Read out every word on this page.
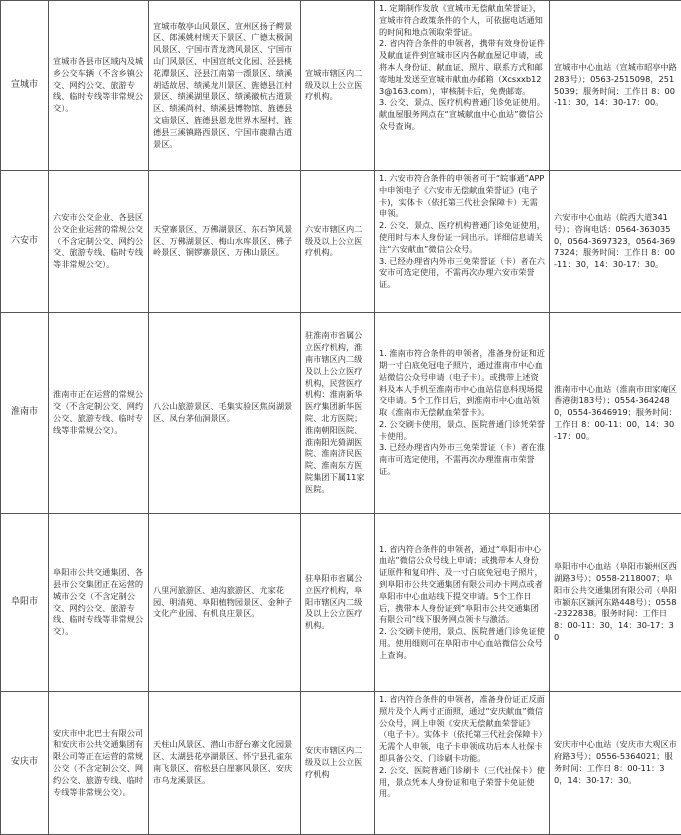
宣城市	宣城市各县市区域内及城乡公交车辆（不含乡镇公交、网约公交、旅游专线、临时专线等非常规公交）。	宣城市敬亭山风景区、宣州区扬子鳄景区、郎溪姚村规天下景区、广德太极洞风景区、宁国市青龙湾风景区、宁国市山门风景区、中国宣纸文化园、泾县桃花潭景区、泾县江南第一漂景区、绩溪胡适故居、绩溪龙川景区、旌德县江村景区、绩溪湖里景区、绩溪徽杭古道景区、绩溪尚村、绩溪县博物馆、旌德县文庙景区、旌德县恩龙世界木屋村、旌德县三溪镇路西景区、宁国市鹿鼎古道景区。	宣城市辖区内二级及以上公立医疗机构。	1. 定期制作发放《宣城市无偿献血荣誉证》，宣城市符合政策条件的个人，可依据电话通知的时间和地点领取荣誉证。
2. 省内符合条件的申领者，携带有效身份证件及献血证件到宣城市区内各献血屋记申请，或将本人身份证、献血证、照片、联系方式和邮寄地址发送至宣城市献血办邮箱（Xcsxxb123@163.com），审核制卡后，免费邮寄。
3. 公交、景点、医疗机构普通门诊免证使用。献血屋服务网点在“宣城献血中心血站”微信公众号查询。	宣城市中心血站（宣城市昭亭中路283号）；0563-2515098，2515039；服务时间：工作日 8：00-11：30，14：30-17：00。
六安市	六安市公交企业、各县区公交企业运营的常规公交（不含定制公交、网约公交、旅游专线、临时专线等非常规公交）。	天堂寨景区、万佛湖景区、东石笋风景区、万佛湖景区、梅山水库景区、佛子岭景区、铜锣寨景区、万佛山景区。	六安市辖区内二级及以上公立医疗机构。	1. 六安市符合条件的申领者可于“皖事通”APP中申领电子《六安市无偿献血荣誉证》(电子卡)，实体卡（依托第三代社会保障卡）无需申领。
2. 公交、景点、医疗机构普通门诊免证使用，使用时与本人身份证一同出示。详细信息请关注“六安献血”微信公众号。
3. 已经办理省内外市三免荣誉证（卡）者在六安市可选定使用，不需再次办理六安市荣誉证。	六安市中心血站（皖西大道341号）；咨询电话：0564-3630350，0564-3697323，0564-3697324；服务时间：工作日 8：00-11：30，14：30-17：30。
淮南市	淮南市正在运营的常规公交（不含定制公交、网约公交、旅游专线、临时专线等非常规公交）。	八公山旅游景区、毛集实验区焦岗湖景区、凤台茅仙洞景区。	驻淮南市省属公立医疗机构，淮南市辖区内二级及以上公立医疗机构，民营医疗机构：淮南新华医疗集团新华医院、北方医院；淮南朝阳医院、淮南阳光猗湖医院、淮南济民医院、淮南东方医院集团下属11家医院。	1. 淮南市符合条件的申领者，准备身份证和近期一寸白底免冠电子照片，通过淮南市中心血站微信公众号申请（电子卡）。或携带上述资料及本人手机至淮南市中心血站信息科现场提交申请。5个工作日后，到淮南市中心血站领取《淮南市无偿献血荣誉卡》。
2. 公交刷卡使用，景点、医院普通门诊凭荣誉卡使用。
3. 已经办理省内外市三免荣誉证（卡）者在淮南市可选定使用，不需再次办理淮南市荣誉证。	淮南市中心血站（淮南市田家庵区香港街183号）；0554-3642480，0554-3646919；服务时间：工作日 8：00-11：00，14：30-17：00。
阜阳市	阜阳市公共交通集团、各县市公交集团正在运营的城市公交（不含定制公交、网约公交、旅游专线、临时专线等非常规公交）。	八里河旅游区、迪沟旅游区、尤家花园、明清苑、阜阳植物园景区、金种子文化产业园、有机良庄景区。	驻阜阳市省属公立医疗机构，阜阳市辖区内二级及以上公立医疗机构。	1. 省内符合条件的申领者，通过“阜阳市中心血站”微信公众号线上申请；或携带本人身份证原件和复印件、及一寸白底免冠电子照片，到阜阳市公共交通集团有限公司办卡网点或者阜阳市中心血站线下提交申请。5个工作日后，携带本人身份证到“阜阳市公共交通集团有限公司”线下服务网点领卡与激活。
2. 公交刷卡使用，景点、医院普通门诊免证使用。使用细则可在阜阳市中心血站微信公众号上查询。	阜阳市中心血站（阜阳市颍州区西湖路3号）；0558-2118007；阜阳市公共交通集团有限公司（阜阳市颍东区颍河东路448号）；0558-2322838。服务时间：工作日 8：00-11：30，14：30-17：30
安庆市	安庆市中北巴士有限公司和安庆市公共交通集团有限公司等正在运营的常规公交（不含定制公交、网约公交、旅游专线、临时专线等非常规公交）。	天柱山风景区、潜山市舒台寨文化园景区、太湖县花亭湖景区、怀宁县孔雀东南飞景区、宿松县白崖寨风景区、安庆市乌龙溪景区。	安庆市辖区内二级及以上公立医疗机构	1. 省内符合条件的申领者，准备身份证正反面照片及个人两寸正面照，通过“安庆献血”微信公众号，网上申领《安庆无偿献血荣誉证》（电子卡）。实体卡（依托第三代社会保障卡）无需个人申领，电子卡申领成功后本人社保卡即具备公交、门诊刷卡功能。
2. 公交、医院普通门诊刷卡（三代社保卡）使用，景点凭本人身份证和电子荣誉卡免证使用。	安庆市中心血站（安庆市大观区市府路3号）；0556-5364021；服务时间：工作日 8：00-11：30，14：30-17：30。
